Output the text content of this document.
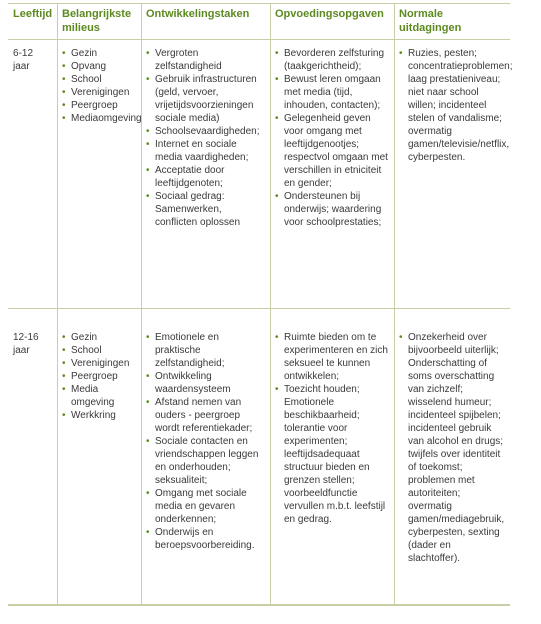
Leeftijd Belangrijkste milieus
Ontwikkelingstaken	Opvoedingsopgaven	Normale uitdagingen
6-12 jaar
• Gezin
• Opvang
• School
• Verenigingen
• Peergroep
• Mediaomgeving
• Vergroten zelfstandigheid
• Gebruik infrastructuren (geld, vervoer, vrijetijdsvoorzieningen sociale media)
• Schoolsevaardigheden;
• Internet en sociale media vaardigheden;
• Acceptatie door leeftijdgenoten;
• Sociaal gedrag: Samenwerken, conflicten oplossen
• Bevorderen zelfsturing (taakgerichtheid);
• Bewust leren omgaan met media (tijd, inhouden, contacten);
• Gelegenheid geven voor omgang met leeftijdgenootjes; respectvol omgaan met verschillen in etniciteit en gender;
• Ondersteunen bij onderwijs; waardering voor schoolprestaties;
• Ruzies, pesten; concentratieproblemen; laag prestatieniveau; niet naar school willen; incidenteel stelen of vandalisme; overmatig gamen/televisie/netflix, cyberpesten.
12-16 jaar
• Gezin
• School
• Verenigingen
• Peergroep
• Media omgeving
• Werkkring
• Emotionele en praktische zelfstandigheid;
• Ontwikkeling waardensysteem
• Afstand nemen van ouders - peergroep wordt referentiekader;
• Sociale contacten en vriendschappen leggen en onderhouden; seksualiteit;
• Omgang met sociale media en gevaren onderkennen;
• Onderwijs en beroepsvoorbereiding.
• Ruimte bieden om te experimenteren en zich seksueel te kunnen ontwikkelen;
• Toezicht houden; Emotionele beschikbaarheid; tolerantie voor experimenten; leeftijdsadequaat structuur bieden en grenzen stellen; voorbeeldfunctie vervullen m.b.t. leefstijl en gedrag.
• Onzekerheid over bijvoorbeeld uiterlijk; Onderschatting of soms overschatting van zichzelf; wisselend humeur; incidenteel spijbelen; incidenteel gebruik van alcohol en drugs; twijfels over identiteit of toekomst; problemen met autoriteiten; overmatig gamen/mediagebruik, cyberpesten, sexting (dader en slachtoffer).
